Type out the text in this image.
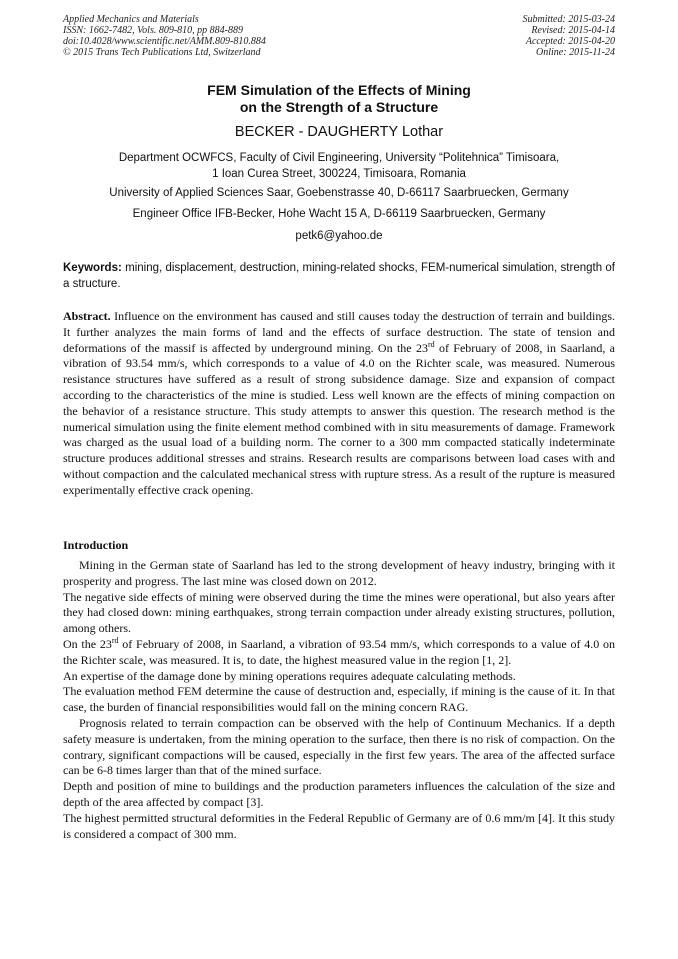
Applied Mechanics and Materials
ISSN: 1662-7482, Vols. 809-810, pp 884-889
doi:10.4028/www.scientific.net/AMM.809-810.884
© 2015 Trans Tech Publications Ltd, Switzerland
Submitted: 2015-03-24
Revised: 2015-04-14
Accepted: 2015-04-20
Online: 2015-11-24
FEM Simulation of the Effects of Mining
on the Strength of a Structure
BECKER - DAUGHERTY Lothar
Department OCWFCS, Faculty of Civil Engineering, University “Politehnica” Timisoara,
1 Ioan Curea Street, 300224, Timisoara, Romania
University of Applied Sciences Saar, Goebenstrasse 40, D-66117 Saarbruecken, Germany
Engineer Office IFB-Becker, Hohe Wacht 15 A, D-66119 Saarbruecken, Germany
petk6@yahoo.de
Keywords: mining, displacement, destruction, mining-related shocks, FEM-numerical simulation, strength of a structure.
Abstract. Influence on the environment has caused and still causes today the destruction of terrain and buildings. It further analyzes the main forms of land and the effects of surface destruction. The state of tension and deformations of the massif is affected by underground mining. On the 23rd of February of 2008, in Saarland, a vibration of 93.54 mm/s, which corresponds to a value of 4.0 on the Richter scale, was measured. Numerous resistance structures have suffered as a result of strong subsidence damage. Size and expansion of compact according to the characteristics of the mine is studied. Less well known are the effects of mining compaction on the behavior of a resistance structure. This study attempts to answer this question. The research method is the numerical simulation using the finite element method combined with in situ measurements of damage. Framework was charged as the usual load of a building norm. The corner to a 300 mm compacted statically indeterminate structure produces additional stresses and strains. Research results are comparisons between load cases with and without compaction and the calculated mechanical stress with rupture stress. As a result of the rupture is measured experimentally effective crack opening.
Introduction

Mining in the German state of Saarland has led to the strong development of heavy industry, bringing with it prosperity and progress. The last mine was closed down on 2012.

The negative side effects of mining were observed during the time the mines were operational, but also years after they had closed down: mining earthquakes, strong terrain compaction under already existing structures, pollution, among others.

On the 23rd of February of 2008, in Saarland, a vibration of 93.54 mm/s, which corresponds to a value of 4.0 on the Richter scale, was measured. It is, to date, the highest measured value in the region [1, 2].

An expertise of the damage done by mining operations requires adequate calculating methods.

The evaluation method FEM determine the cause of destruction and, especially, if mining is the cause of it. In that case, the burden of financial responsibilities would fall on the mining concern RAG.

Prognosis related to terrain compaction can be observed with the help of Continuum Mechanics. If a depth safety measure is undertaken, from the mining operation to the surface, then there is no risk of compaction. On the contrary, significant compactions will be caused, especially in the first few years. The area of the affected surface can be 6-8 times larger than that of the mined surface.

Depth and position of mine to buildings and the production parameters influences the calculation of the size and depth of the area affected by compact [3].

The highest permitted structural deformities in the Federal Republic of Germany are of 0.6 mm/m [4]. It this study is considered a compact of 300 mm.
